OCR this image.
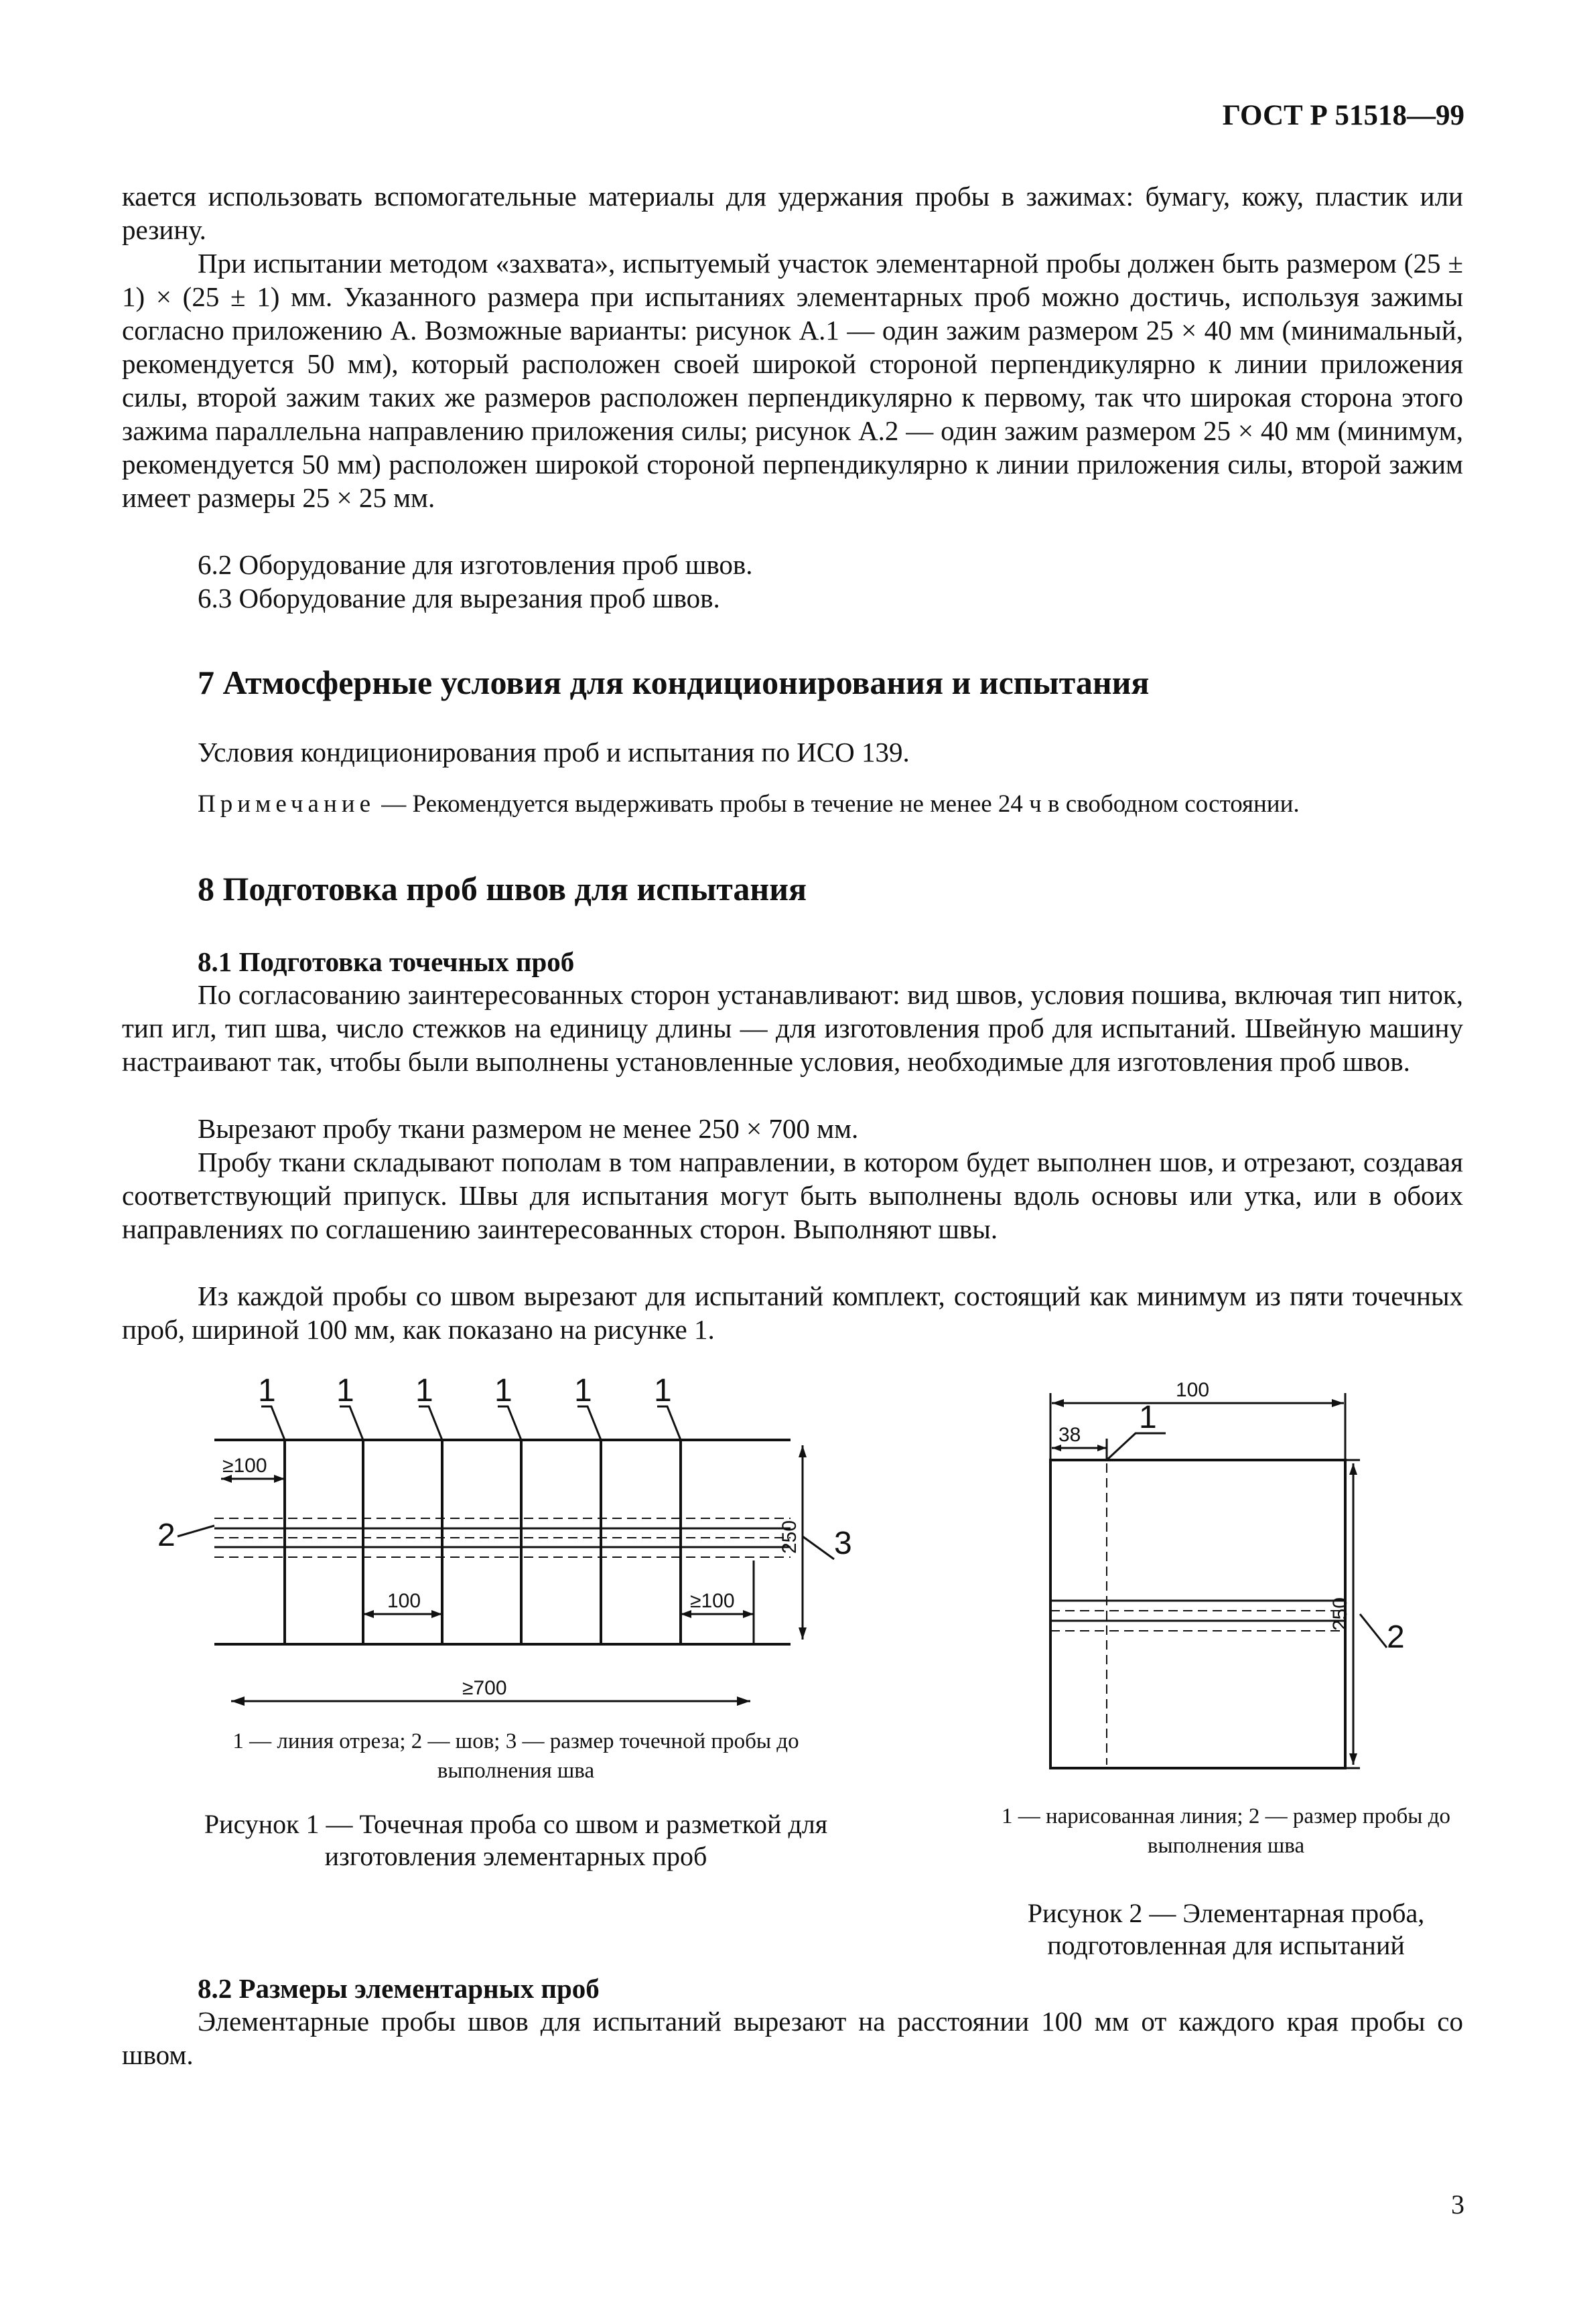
ГОСТ Р 51518—99
кается использовать вспомогательные материалы для удержания пробы в зажимах: бумагу, кожу, пластик или резину.
При испытании методом «захвата», испытуемый участок элементарной пробы должен быть размером (25 ± 1) × (25 ± 1) мм. Указанного размера при испытаниях элементарных проб можно достичь, используя зажимы согласно приложению А. Возможные варианты: рисунок А.1 — один зажим размером 25 × 40 мм (минимальный, рекомендуется 50 мм), который расположен своей широкой стороной перпендикулярно к линии приложения силы, второй зажим таких же размеров расположен перпендикулярно к первому, так что широкая сторона этого зажима параллельна направлению приложения силы; рисунок А.2 — один зажим размером 25 × 40 мм (минимум, рекомендуется 50 мм) расположен широкой стороной перпендикулярно к линии приложения силы, второй зажим имеет размеры 25 × 25 мм.
6.2 Оборудование для изготовления проб швов.
6.3 Оборудование для вырезания проб швов.
7 Атмосферные условия для кондиционирования и испытания
Условия кондиционирования проб и испытания по ИСО 139.
Примечание — Рекомендуется выдерживать пробы в течение не менее 24 ч в свободном состоянии.
8 Подготовка проб швов для испытания
8.1 Подготовка точечных проб
По согласованию заинтересованных сторон устанавливают: вид швов, условия пошива, включая тип ниток, тип игл, тип шва, число стежков на единицу длины — для изготовления проб для испытаний. Швейную машину настраивают так, чтобы были выполнены установленные условия, необходимые для изготовления проб швов.
Вырезают пробу ткани размером не менее 250 × 700 мм.
Пробу ткани складывают пополам в том направлении, в котором будет выполнен шов, и отрезают, создавая соответствующий припуск. Швы для испытания могут быть выполнены вдоль основы или утка, или в обоих направлениях по соглашению заинтересованных сторон. Выполняют швы.
Из каждой пробы со швом вырезают для испытаний комплект, состоящий как минимум из пяти точечных проб, шириной 100 мм, как показано на рисунке 1.
1 1 1 1 1 1
2	3
≥100
100	≥100
≥700
250
1 — линия отреза; 2 — шов; 3 — размер точечной пробы до выполнения шва
Рисунок 1 — Точечная проба со швом и разметкой для изготовления элементарных проб
100
38
250
1
2
1 — нарисованная линия; 2 — размер пробы до выполнения шва
Рисунок 2 — Элементарная проба, подготовленная для испытаний
8.2 Размеры элементарных проб
Элементарные пробы швов для испытаний вырезают на расстоянии 100 мм от каждого края пробы со швом.
3
